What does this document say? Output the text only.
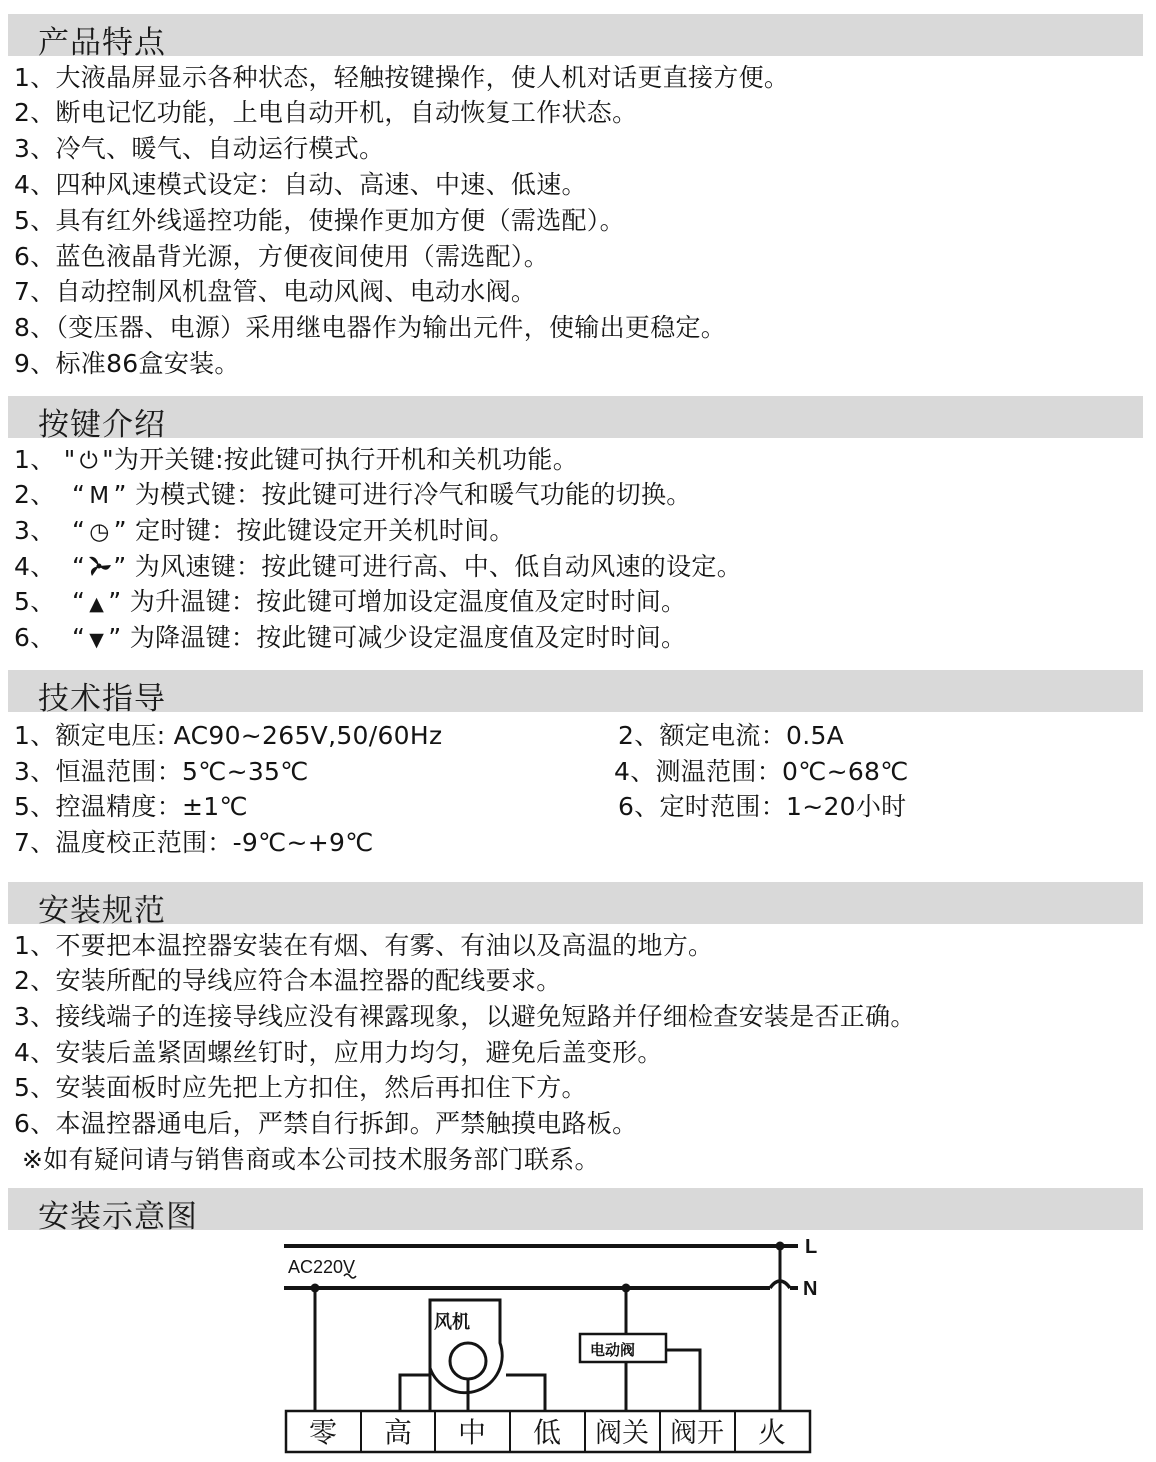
产品特点
1、大液晶屏显示各种状态，轻触按键操作，使人机对话更直接方便。
2、断电记忆功能，上电自动开机，自动恢复工作状态。
3、冷气、暖气、自动运行模式。
4、四种风速模式设定：自动、高速、中速、低速。
5、具有红外线遥控功能，使操作更加方便（需选配）。
6、蓝色液晶背光源，方便夜间使用（需选配）。
7、自动控制风机盘管、电动风阀、电动水阀。
8、（变压器、电源）采用继电器作为输出元件，使输出更稳定。
9、标准86盒安装。
按键介绍
1、 " ⏻ "为开关键:按此键可执行开机和关机功能。
2、 “ M ” 为模式键：按此键可进行冷气和暖气功能的切换。
3、 “ ◷ ” 定时键：按此键设定开关机时间。
4、 “ ” 为风速键：按此键可进行高、中、低自动风速的设定。
5、 “ ▲ ” 为升温键：按此键可增加设定温度值及定时时间。
6、 “ ▼ ” 为降温键：按此键可减少设定温度值及定时时间。
技术指导
1、额定电压: AC90~265V,50/60Hz	2、额定电流：0.5A
3、恒温范围：5℃~35℃	4、测温范围：0℃~68℃
5、控温精度：±1℃	6、定时范围：1~20小时
7、温度校正范围：-9℃~+9℃
安装规范
1、不要把本温控器安装在有烟、有雾、有油以及高温的地方。
2、安装所配的导线应符合本温控器的配线要求。
3、接线端子的连接导线应没有裸露现象，以避免短路并仔细检查安装是否正确。
4、安装后盖紧固螺丝钉时，应用力均匀，避免后盖变形。
5、安装面板时应先把上方扣住，然后再扣住下方。
6、本温控器通电后，严禁自行拆卸。严禁触摸电路板。
※如有疑问请与销售商或本公司技术服务部门联系。
安装示意图
L
N
AC220V
风机
电动阀
零 高 中 低 阀关 阀开 火
